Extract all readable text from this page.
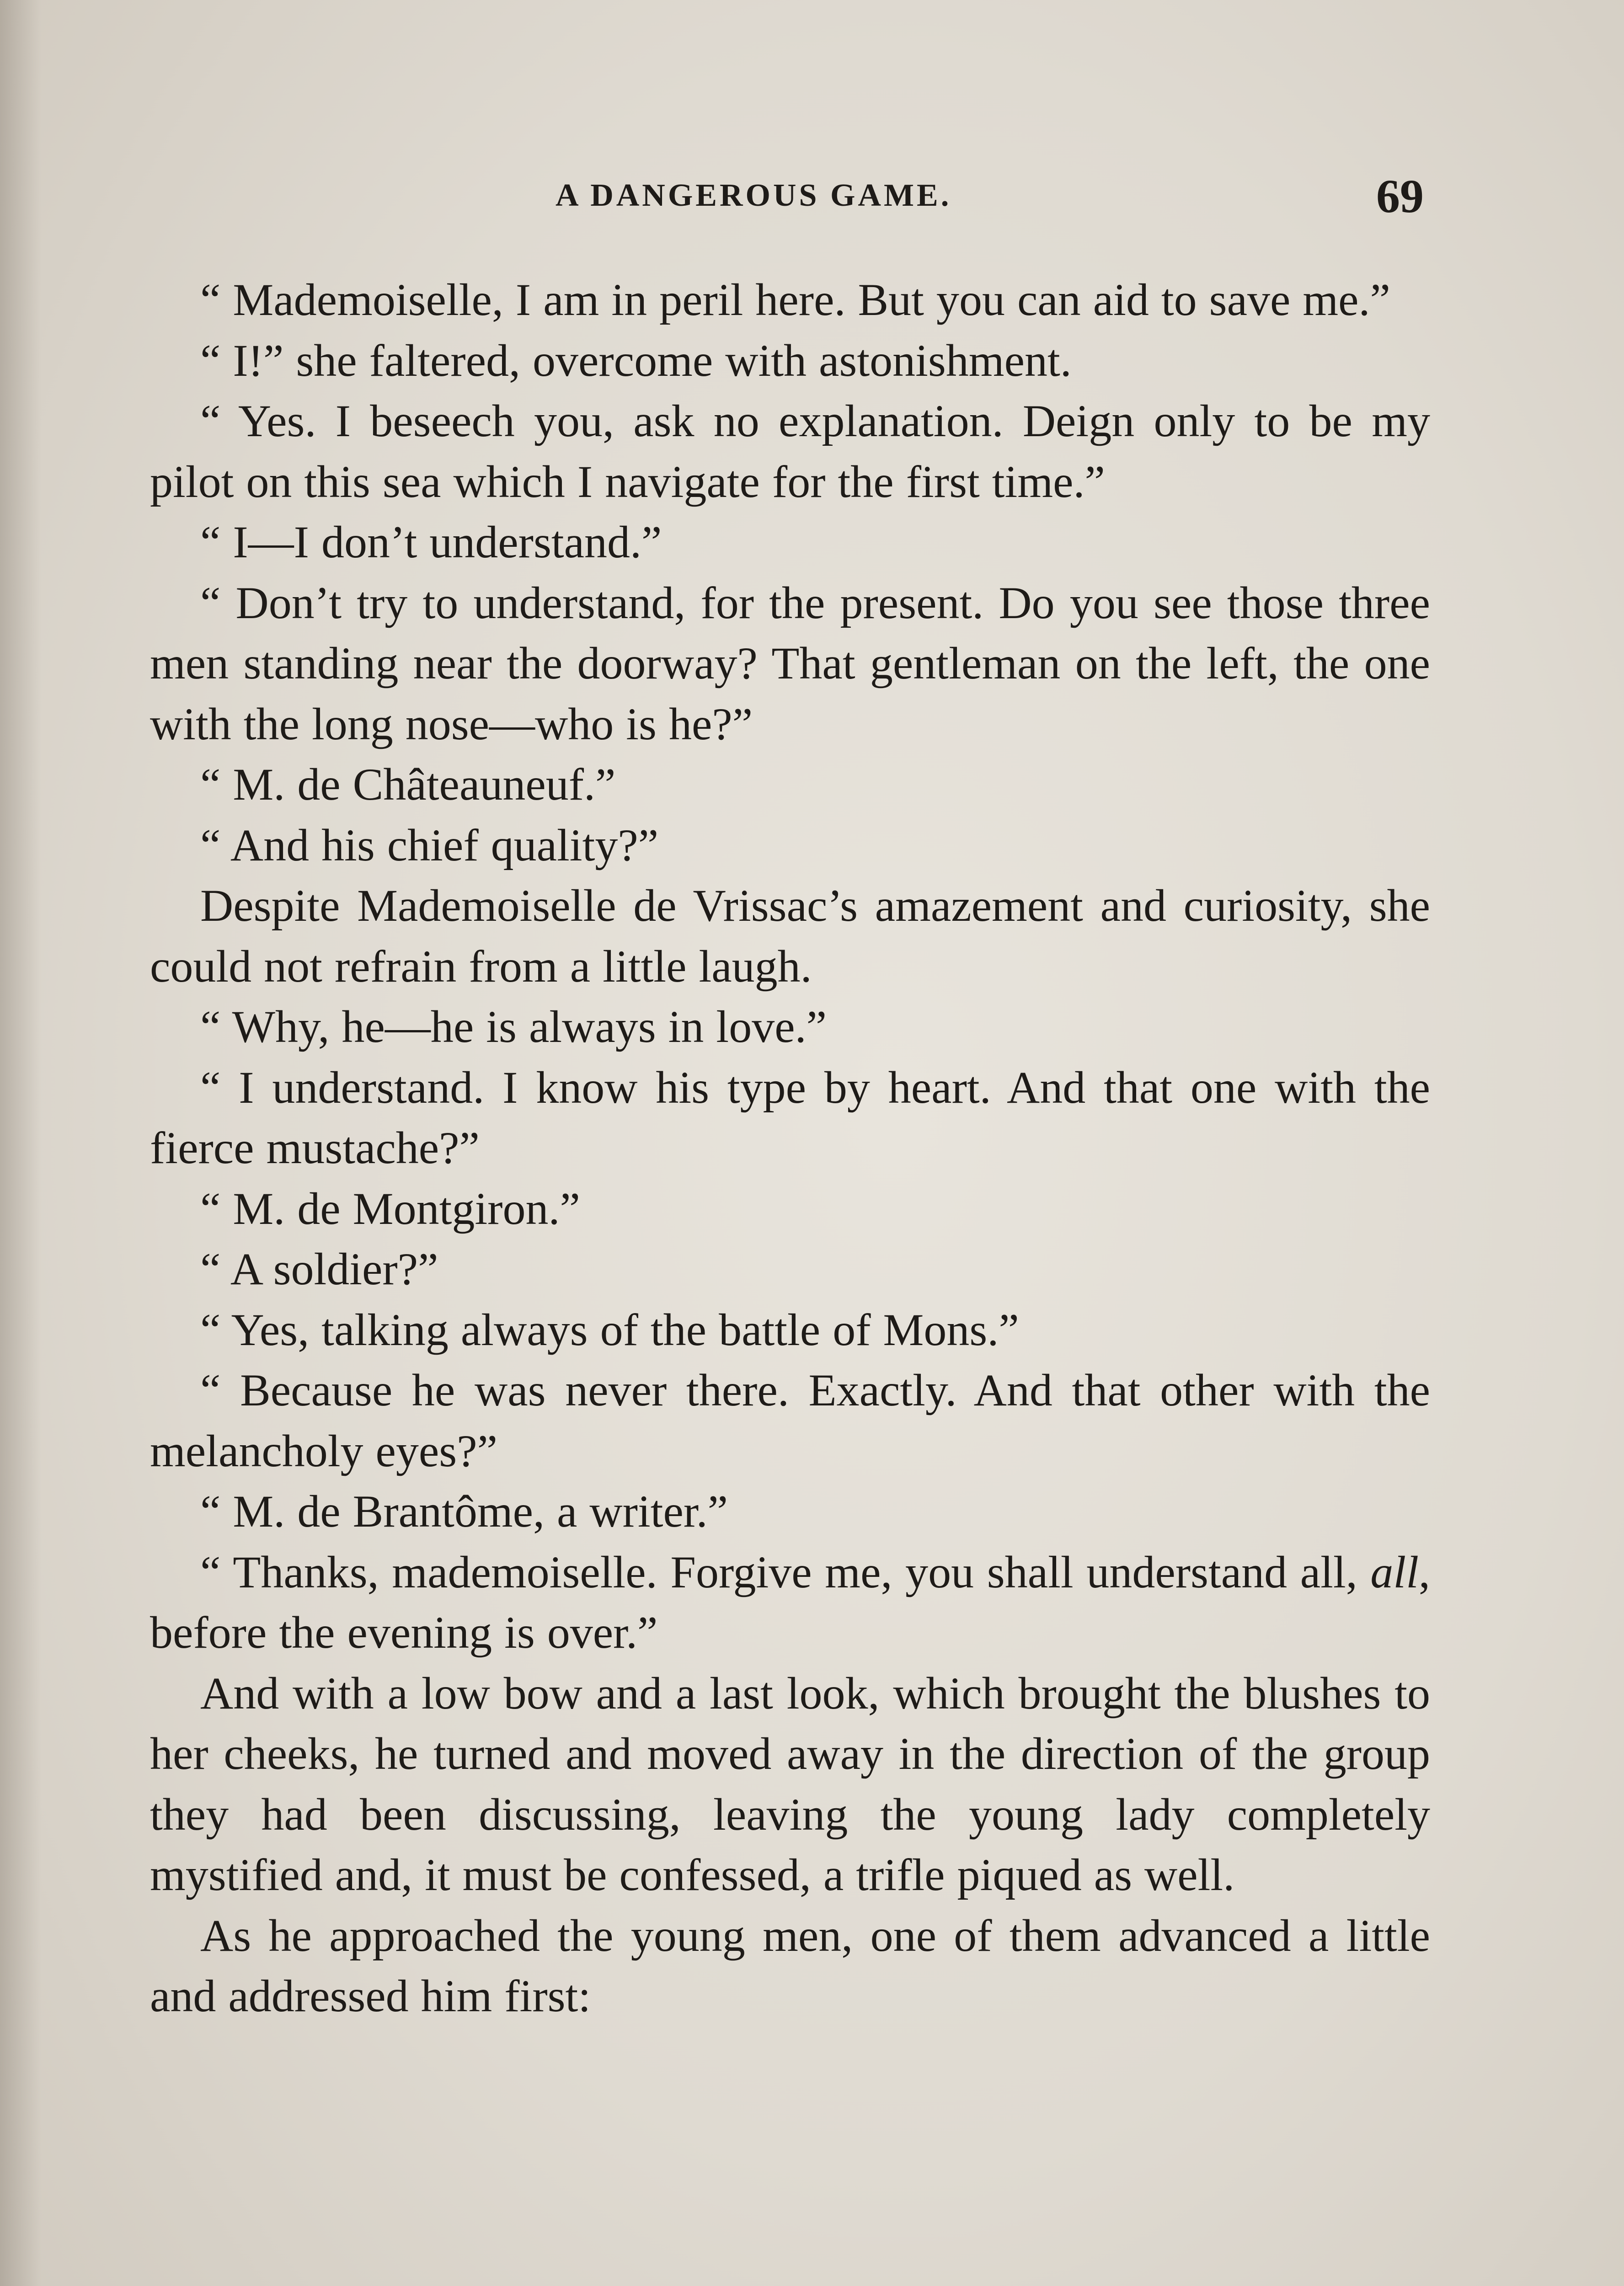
A DANGEROUS GAME.	69

“ Mademoiselle, I am in peril here. But you can aid to save me.”

“ I!” she faltered, overcome with astonishment.

“ Yes. I beseech you, ask no explanation. Deign only to be my pilot on this sea which I navigate for the first time.”

“ I—I don’t understand.”

“ Don’t try to understand, for the present. Do you see those three men standing near the doorway? That gentleman on the left, the one with the long nose—who is he?”

“ M. de Châteauneuf.”

“ And his chief quality?”

Despite Mademoiselle de Vrissac’s amazement and curiosity, she could not refrain from a little laugh.

“ Why, he—he is always in love.”

“ I understand. I know his type by heart. And that one with the fierce mustache?”

“ M. de Montgiron.”

“ A soldier?”

“ Yes, talking always of the battle of Mons.”

“ Because he was never there. Exactly. And that other with the melancholy eyes?”

“ M. de Brantôme, a writer.”

“ Thanks, mademoiselle. Forgive me, you shall understand all, all, before the evening is over.”

And with a low bow and a last look, which brought the blushes to her cheeks, he turned and moved away in the direction of the group they had been discussing, leaving the young lady completely mystified and, it must be confessed, a trifle piqued as well.

As he approached the young men, one of them advanced a little and addressed him first:
